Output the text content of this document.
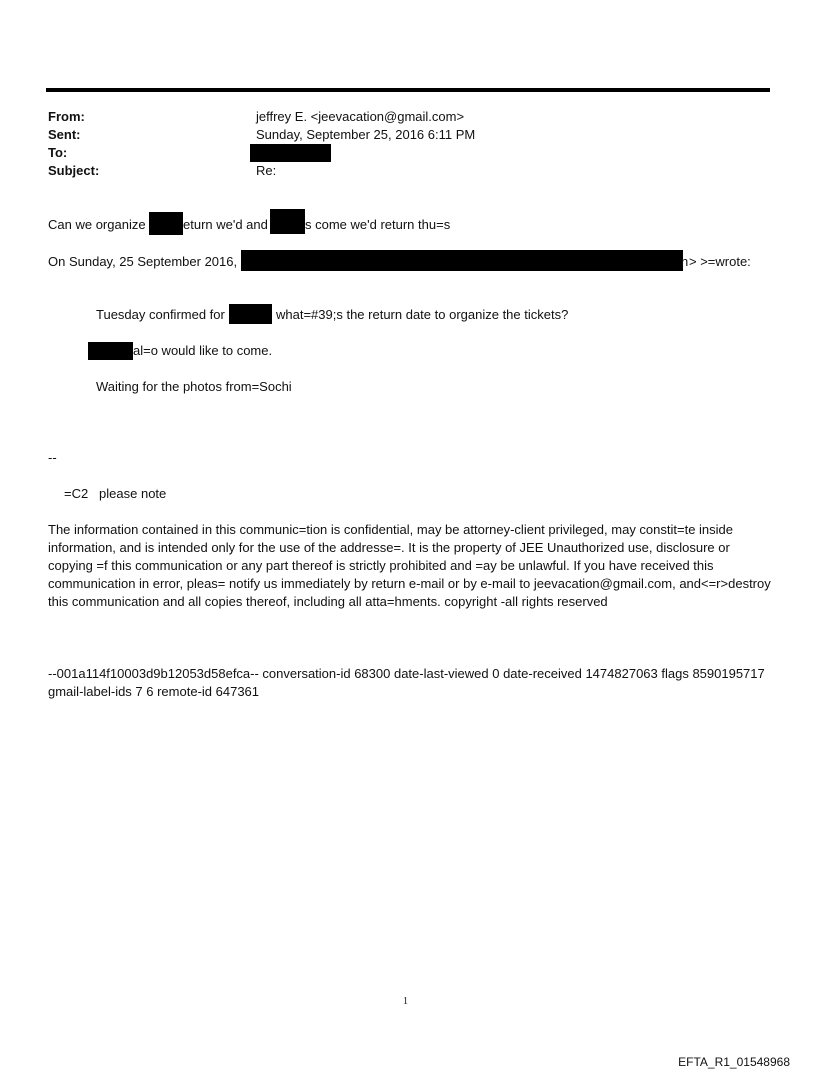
From:	jeffrey E. <jeevacation@gmail.com>
Sent:	Sunday, September 25, 2016 6:11 PM
To:
Subject:	Re:
Can we organize	eturn we'd and	s come we'd return thu=s
On Sunday, 25 September 2016,	n > >=wrote:
Tuesday confirmed for	what=#39;s the return date to organize the tickets?
al=o would like to come.
Waiting for the photos from=Sochi
--
=C2   please note
The information contained in this communic=tion is confidential, may be attorney-client privileged, may constit=te inside information, and is intended only for the use of the addresse=. It is the property of JEE Unauthorized use, disclosure or copying =f this communication or any part thereof is strictly prohibited and =ay be unlawful. If you have received this communication in error, pleas= notify us immediately by return e-mail or by e-mail to jeevacation@gmail.com, and<=r>destroy this communication and all copies thereof, including all atta=hments. copyright -all rights reserved
--001a114f10003d9b12053d58efca-- conversation-id 68300 date-last-viewed 0 date-received 1474827063 flags 8590195717 gmail-label-ids 7 6 remote-id 647361
1
EFTA_R1_01548968
